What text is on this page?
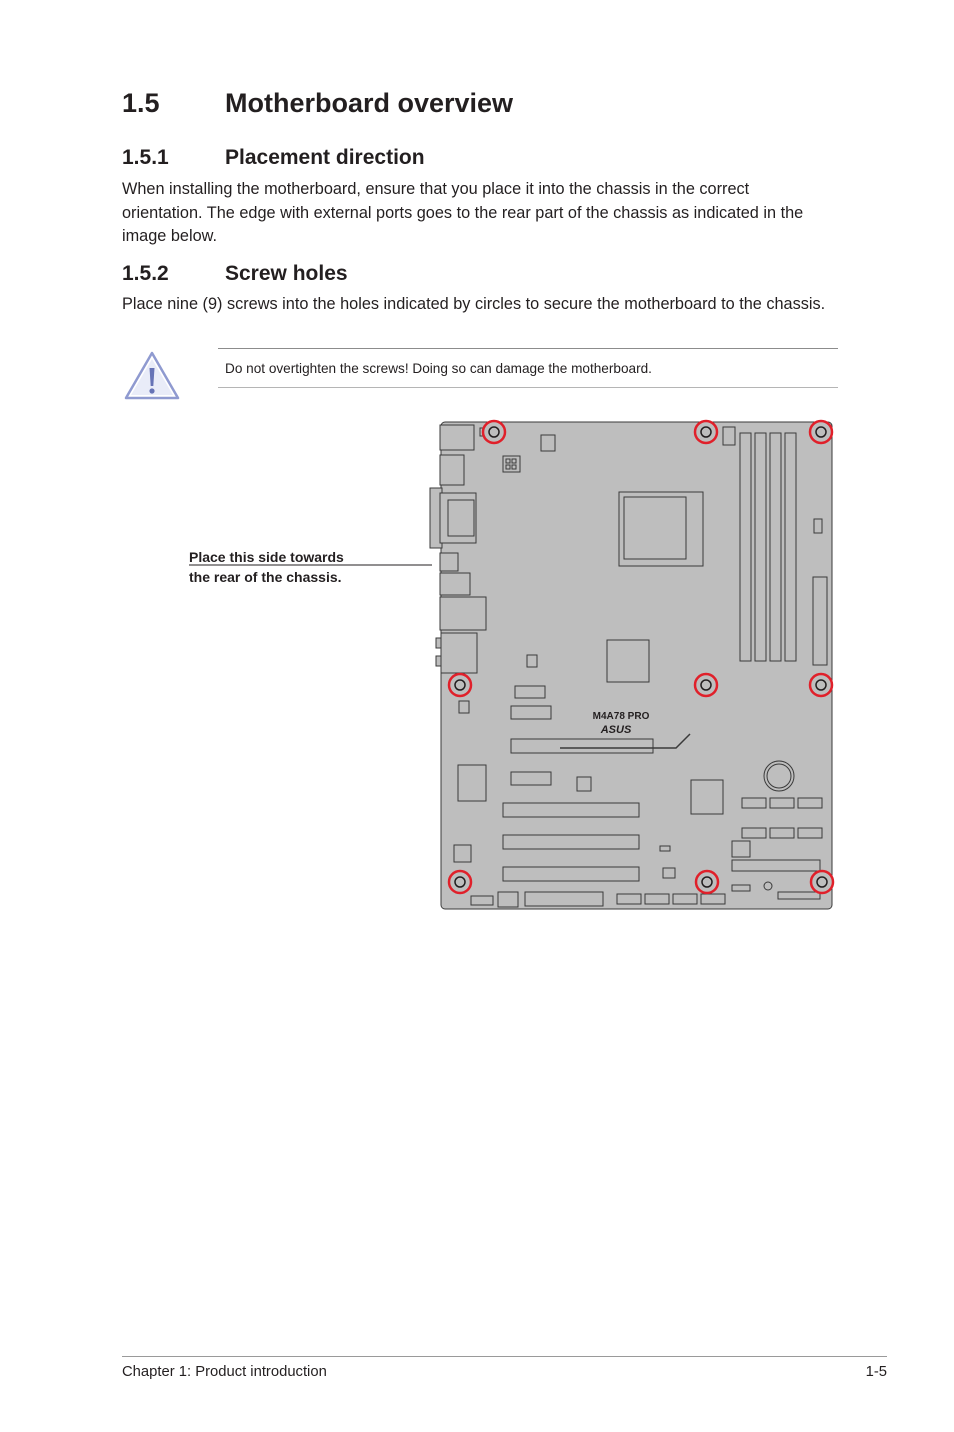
1.5 Motherboard overview
1.5.1	Placement direction

When installing the motherboard, ensure that you place it into the chassis in the correct orientation. The edge with external ports goes to the rear part of the chassis as indicated in the image below.

1.5.2	Screw holes

Place nine (9) screws into the holes indicated by circles to secure the motherboard to the chassis.

Do not overtighten the screws! Doing so can damage the motherboard.
Place this side towards
the rear of the chassis.
M4A78 PRO
ASUS
Chapter 1: Product introduction	1-5
